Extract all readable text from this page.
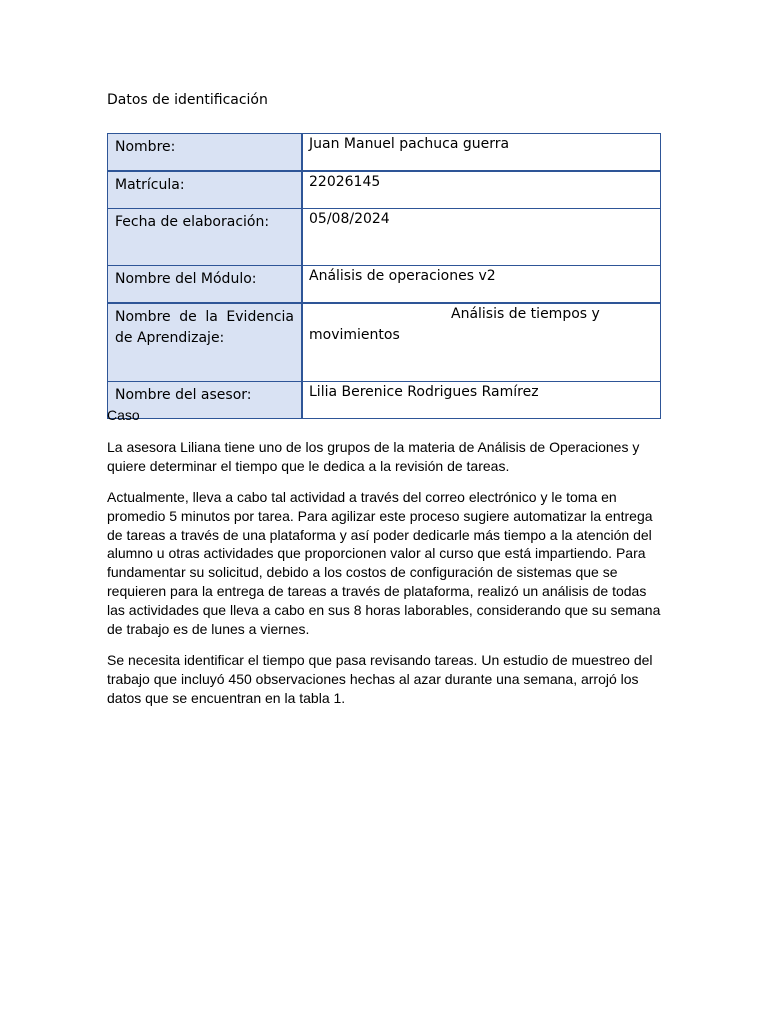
Datos de identificación
Nombre:	Juan Manuel pachuca guerra

Matrícula:	22026145

Fecha de elaboración:	05/08/2024

Nombre del Módulo:	Análisis de operaciones v2

Nombre de la Evidencia de Aprendizaje:	Análisis de tiempos y
movimientos

Nombre del asesor:	Lilia Berenice Rodrigues Ramírez
Caso

La asesora Liliana tiene uno de los grupos de la materia de Análisis de Operaciones y quiere determinar el tiempo que le dedica a la revisión de tareas.

Actualmente, lleva a cabo tal actividad a través del correo electrónico y le toma en promedio 5 minutos por tarea. Para agilizar este proceso sugiere automatizar la entrega de tareas a través de una plataforma y así poder dedicarle más tiempo a la atención del alumno u otras actividades que proporcionen valor al curso que está impartiendo. Para fundamentar su solicitud, debido a los costos de configuración de sistemas que se requieren para la entrega de tareas a través de plataforma, realizó un análisis de todas las actividades que lleva a cabo en sus 8 horas laborables, considerando que su semana de trabajo es de lunes a viernes.

Se necesita identificar el tiempo que pasa revisando tareas. Un estudio de muestreo del trabajo que incluyó 450 observaciones hechas al azar durante una semana, arrojó los datos que se encuentran en la tabla 1.
